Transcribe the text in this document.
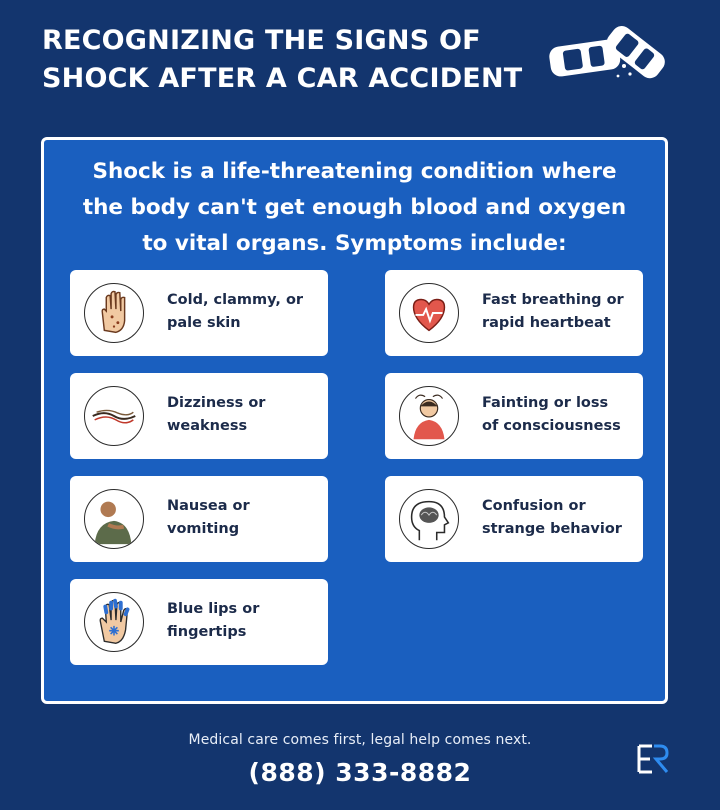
RECOGNIZING THE SIGNS OF
SHOCK AFTER A CAR ACCIDENT
Shock is a life-threatening condition where
the body can't get enough blood and oxygen
to vital organs. Symptoms include:
Cold, clammy, or
pale skin
Fast breathing or
rapid heartbeat
Dizziness or
weakness
Fainting or loss
of consciousness
Nausea or
vomiting
Confusion or
strange behavior
Blue lips or
fingertips
Medical care comes first, legal help comes next.
(888) 333-8882
